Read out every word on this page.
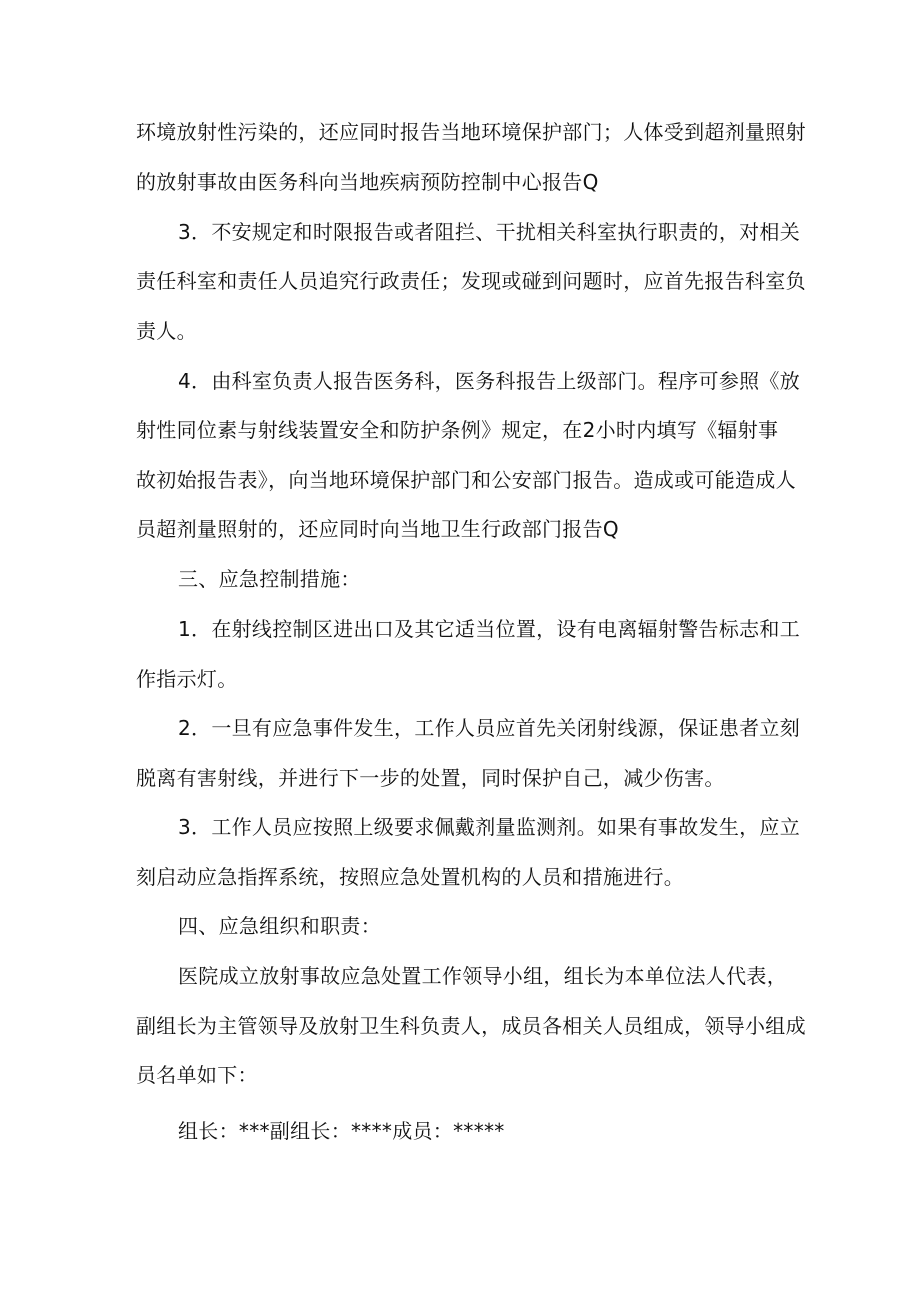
环境放射性污染的，还应同时报告当地环境保护部门；人体受到超剂量照射
的放射事故由医务科向当地疾病预防控制中心报告Q
3．不安规定和时限报告或者阻拦、干扰相关科室执行职责的，对相关
责任科室和责任人员追究行政责任；发现或碰到问题时，应首先报告科室负
责人。
4．由科室负责人报告医务科，医务科报告上级部门。程序可参照《放
射性同位素与射线装置安全和防护条例》规定，在2小时内填写《辐射事
故初始报告表》，向当地环境保护部门和公安部门报告。造成或可能造成人
员超剂量照射的，还应同时向当地卫生行政部门报告Q
三、应急控制措施：
1．在射线控制区进出口及其它适当位置，设有电离辐射警告标志和工
作指示灯。
2．一旦有应急事件发生，工作人员应首先关闭射线源，保证患者立刻
脱离有害射线，并进行下一步的处置，同时保护自己，减少伤害。
3．工作人员应按照上级要求佩戴剂量监测剂。如果有事故发生，应立
刻启动应急指挥系统，按照应急处置机构的人员和措施进行。
四、应急组织和职责：
医院成立放射事故应急处置工作领导小组，组长为本单位法人代表，
副组长为主管领导及放射卫生科负责人，成员各相关人员组成，领导小组成
员名单如下：
组长：***副组长：****成员：*****
